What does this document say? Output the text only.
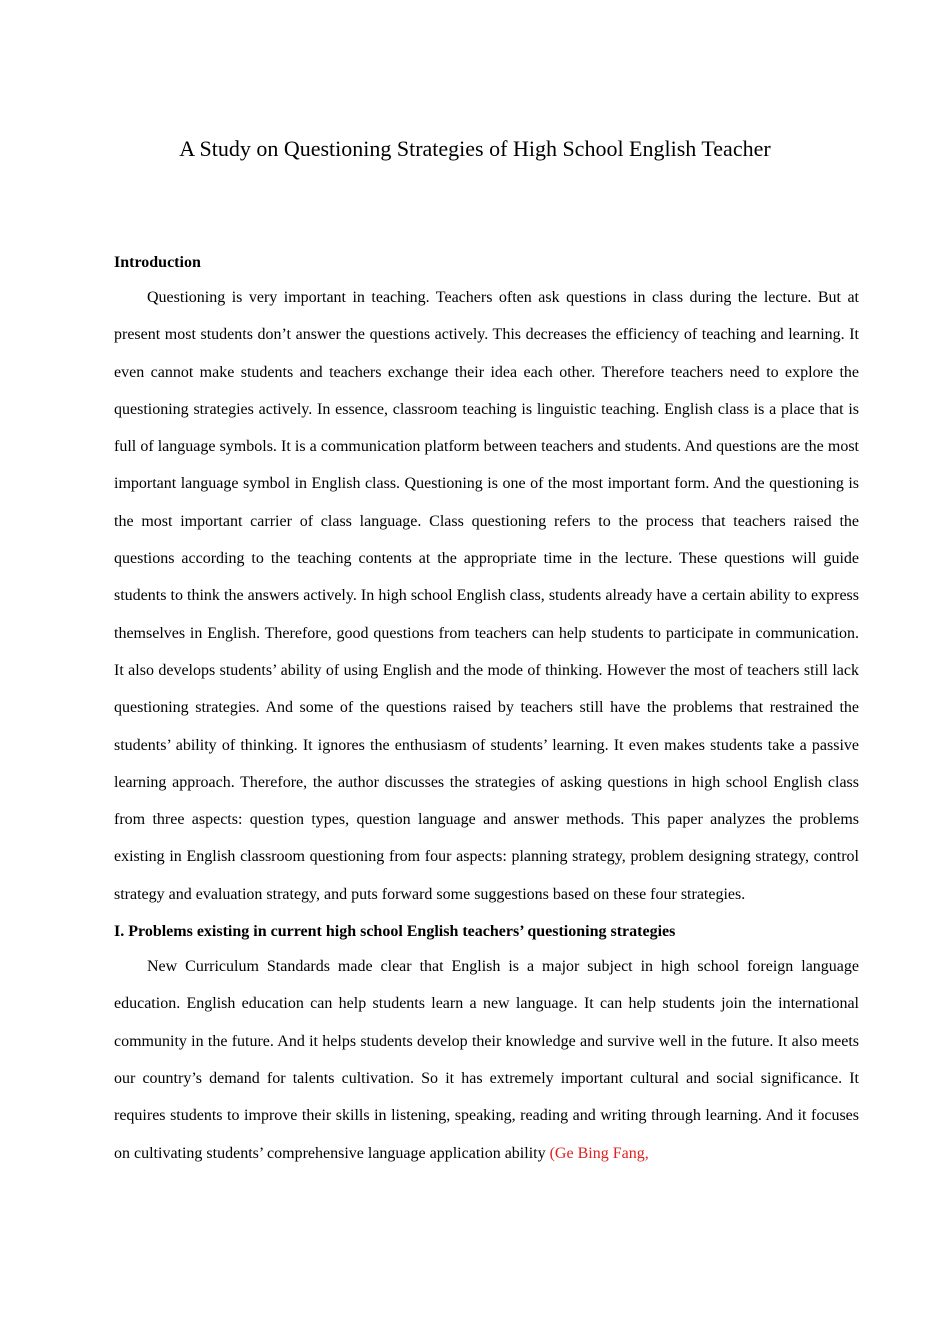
A Study on Questioning Strategies of High School English Teacher

Introduction

Questioning is very important in teaching. Teachers often ask questions in class during the lecture. But at present most students don’t answer the questions actively. This decreases the efficiency of teaching and learning. It even cannot make students and teachers exchange their idea each other. Therefore teachers need to explore the questioning strategies actively. In essence, classroom teaching is linguistic teaching. English class is a place that is full of language symbols. It is a communication platform between teachers and students. And questions are the most important language symbol in English class. Questioning is one of the most important form. And the questioning is the most important carrier of class language. Class questioning refers to the process that teachers raised the questions according to the teaching contents at the appropriate time in the lecture. These questions will guide students to think the answers actively. In high school English class, students already have a certain ability to express themselves in English. Therefore, good questions from teachers can help students to participate in communication. It also develops students’ ability of using English and the mode of thinking. However the most of teachers still lack questioning strategies. And some of the questions raised by teachers still have the problems that restrained the students’ ability of thinking. It ignores the enthusiasm of students’ learning. It even makes students take a passive learning approach. Therefore, the author discusses the strategies of asking questions in high school English class from three aspects: question types, question language and answer methods. This paper analyzes the problems existing in English classroom questioning from four aspects: planning strategy, problem designing strategy, control strategy and evaluation strategy, and puts forward some suggestions based on these four strategies.

I. Problems existing in current high school English teachers’ questioning strategies

New Curriculum Standards made clear that English is a major subject in high school foreign language education. English education can help students learn a new language. It can help students join the international community in the future. And it helps students develop their knowledge and survive well in the future. It also meets our country’s demand for talents cultivation. So it has extremely important cultural and social significance. It requires students to improve their skills in listening, speaking, reading and writing through learning. And it focuses on cultivating students’ comprehensive language application ability (Ge Bing Fang,
